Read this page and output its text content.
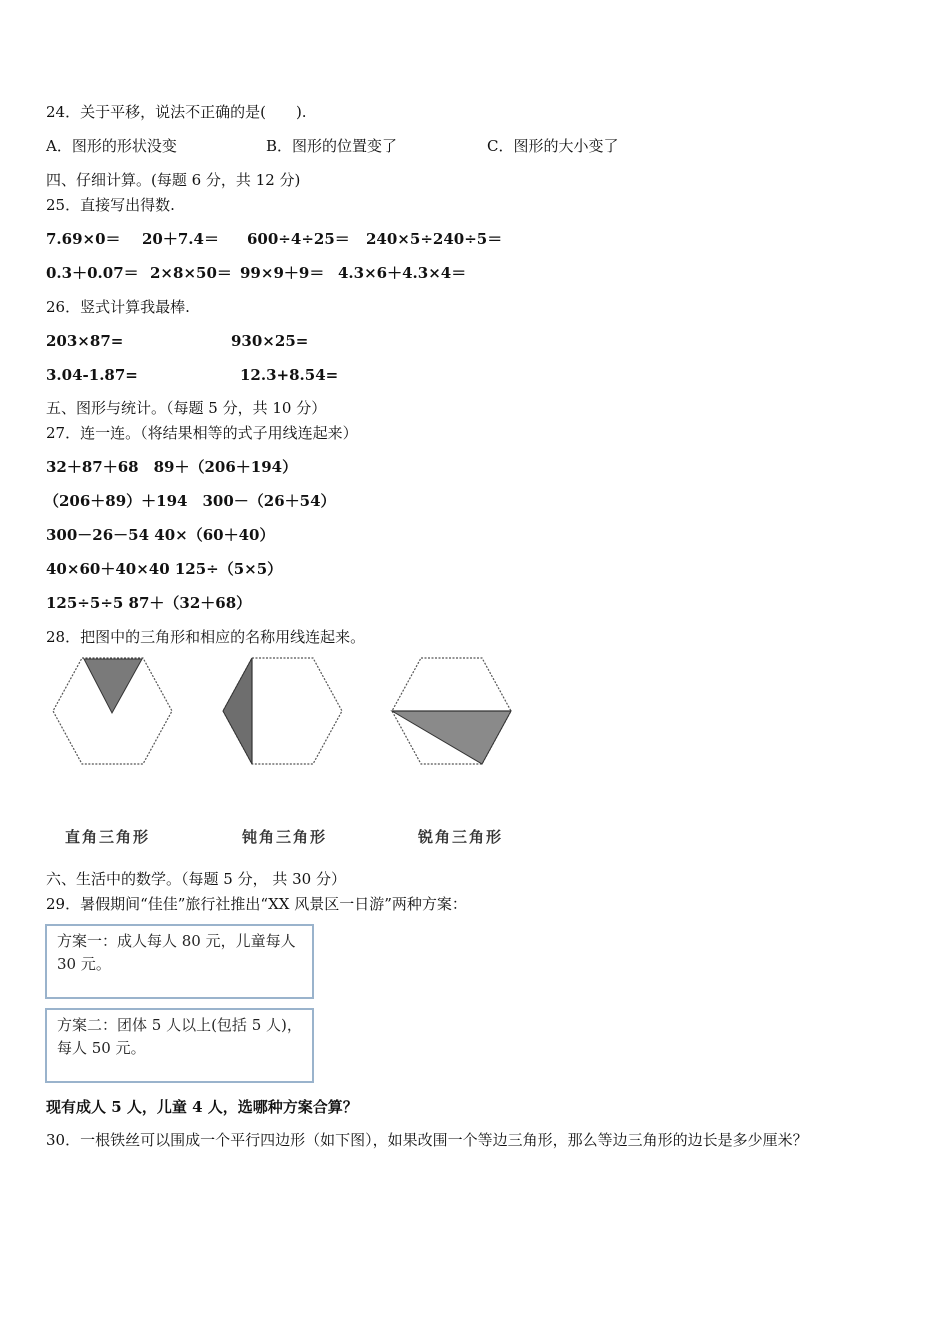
24．关于平移，说法不正确的是(　　).
A．图形的形状没变	B．图形的位置变了	C．图形的大小变了
四、仔细计算。(每题 6 分，共 12 分)
25．直接写出得数.
7.69×0＝ 20＋7.4＝ 600÷4÷25＝ 240×5÷240÷5＝
0.3＋0.07＝ 2×8×50＝ 99×9＋9＝ 4.3×6＋4.3×4＝
26．竖式计算我最棒.
203×87=	930×25=
3.04-1.87=	12.3+8.54=
五、图形与统计。（每题 5 分，共 10 分）
27．连一连。（将结果相等的式子用线连起来）
32＋87＋68　89＋（206＋194）
（206＋89）＋194　300－（26＋54）
300－26－54 40×（60＋40）
40×60＋40×40 125÷（5×5）
125÷5÷5 87＋（32＋68）
28．把图中的三角形和相应的名称用线连起来。
直角三角形	钝角三角形	锐角三角形
六、生活中的数学。（每题 5 分， 共 30 分）
29．暑假期间“佳佳”旅行社推出“XX 风景区一日游”两种方案：
方案一：成人每人 80 元，儿童每人 30 元。
方案二：团体 5 人以上(包括 5 人)，每人 50 元。
现有成人 5 人，儿童 4 人，选哪种方案合算？
30．一根铁丝可以围成一个平行四边形（如下图），如果改围一个等边三角形，那么等边三角形的边长是多少厘米？
